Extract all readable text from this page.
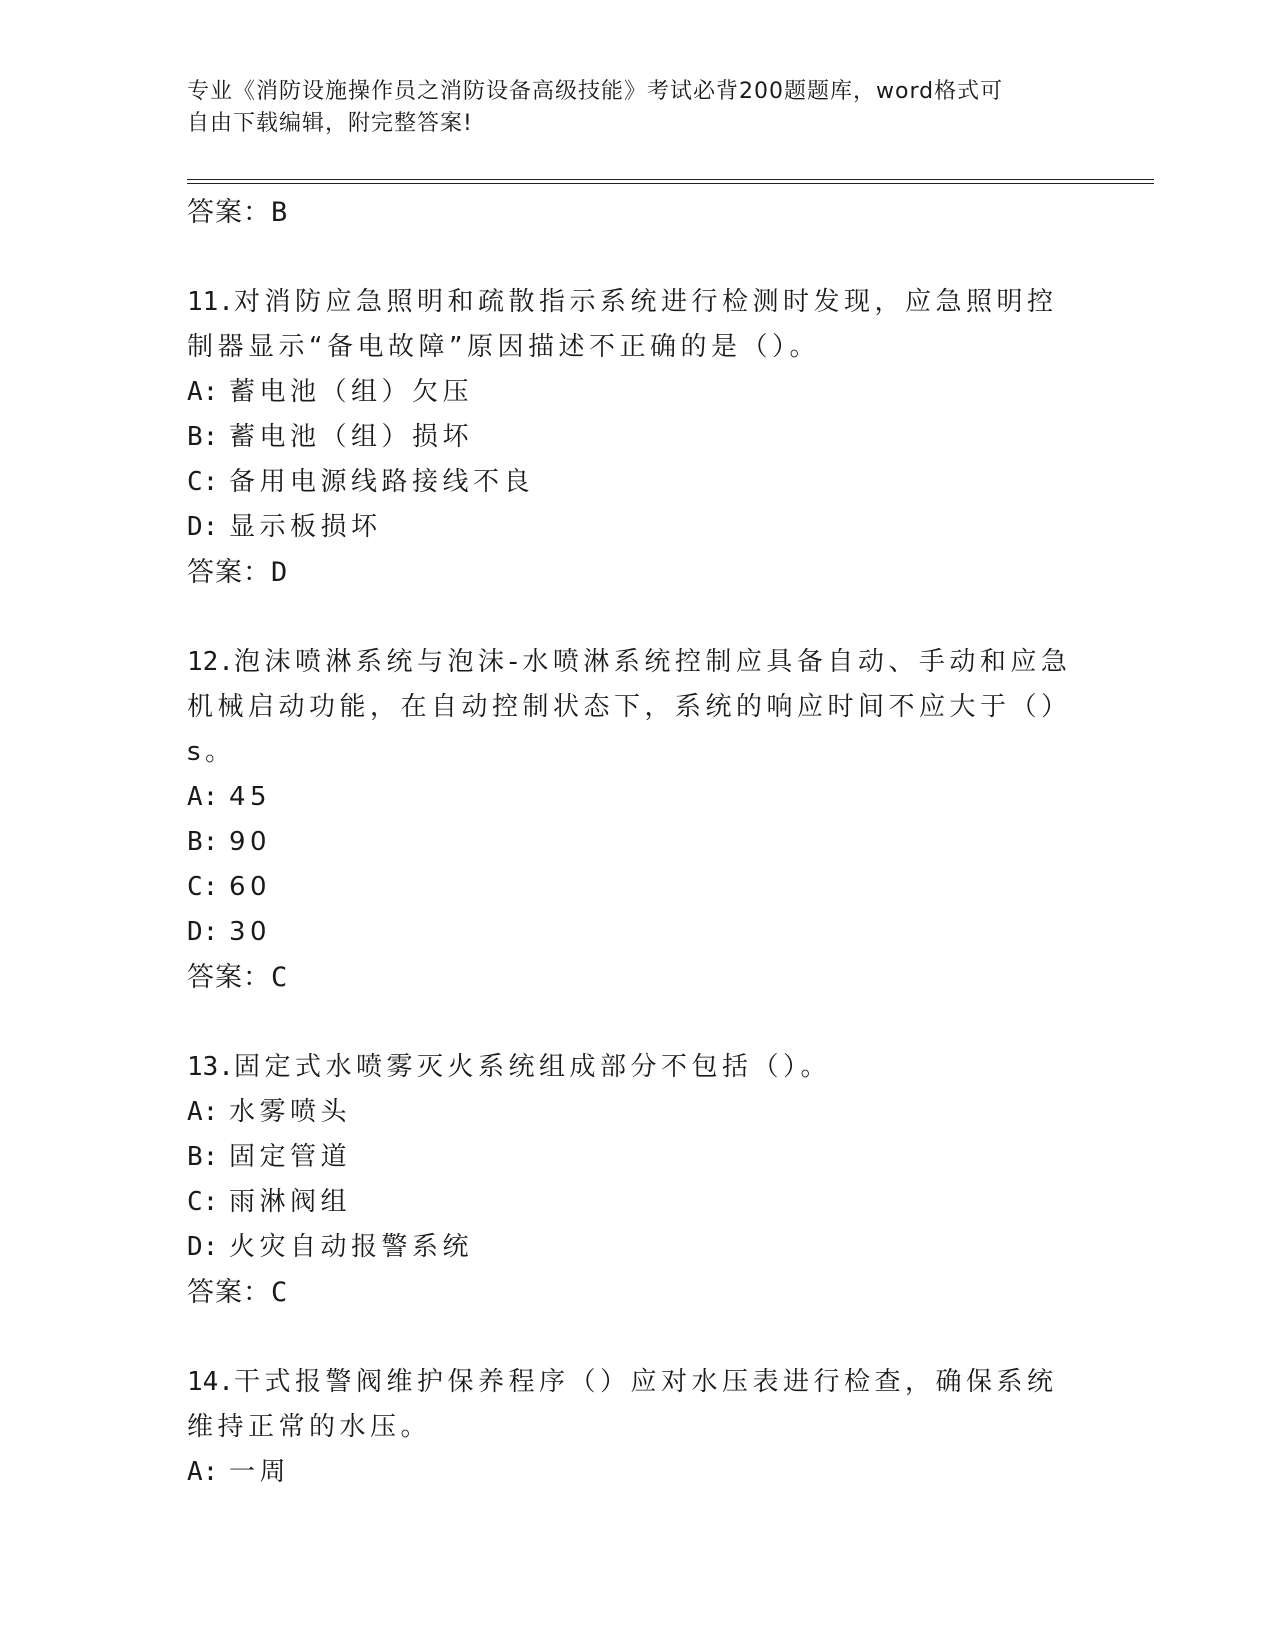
专业《消防设施操作员之消防设备高级技能》考试必背200题题库，word格式可
自由下载编辑，附完整答案!
答案：B
11.对消防应急照明和疏散指示系统进行检测时发现，应急照明控制器显示“备电故障”原因描述不正确的是（）。
A: 蓄电池（组）欠压
B: 蓄电池（组）损坏
C: 备用电源线路接线不良
D: 显示板损坏
答案：D
12.泡沫喷淋系统与泡沫-水喷淋系统控制应具备自动、手动和应急机械启动功能，在自动控制状态下，系统的响应时间不应大于（）s。
A: 45
B: 90
C: 60
D: 30
答案：C
13.固定式水喷雾灭火系统组成部分不包括（）。
A: 水雾喷头
B: 固定管道
C: 雨淋阀组
D: 火灾自动报警系统
答案：C
14.干式报警阀维护保养程序（）应对水压表进行检查，确保系统维持正常的水压。
A: 一周
